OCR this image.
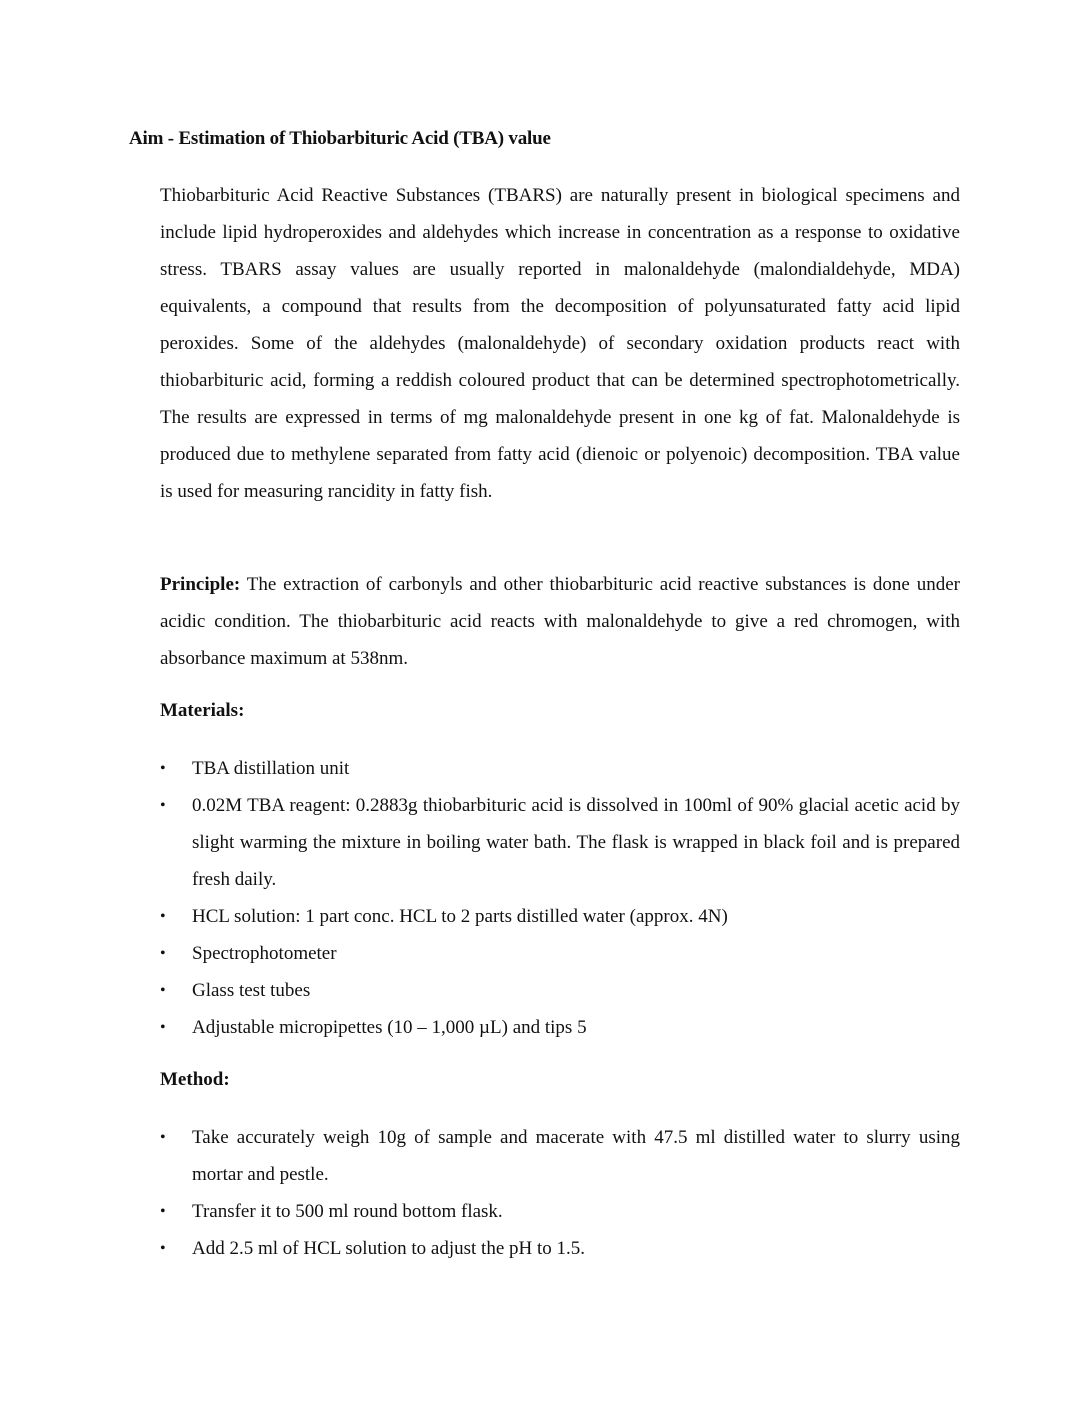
Aim - Estimation of Thiobarbituric Acid (TBA) value
Thiobarbituric Acid Reactive Substances (TBARS) are naturally present in biological specimens and include lipid hydroperoxides and aldehydes which increase in concentration as a response to oxidative stress. TBARS assay values are usually reported in malonaldehyde (malondialdehyde, MDA) equivalents, a compound that results from the decomposition of polyunsaturated fatty acid lipid peroxides. Some of the aldehydes (malonaldehyde) of secondary oxidation products react with thiobarbituric acid, forming a reddish coloured product that can be determined spectrophotometrically. The results are expressed in terms of mg malonaldehyde present in one kg of fat. Malonaldehyde is produced due to methylene separated from fatty acid (dienoic or polyenoic) decomposition. TBA value is used for measuring rancidity in fatty fish.
Principle: The extraction of carbonyls and other thiobarbituric acid reactive substances is done under acidic condition. The thiobarbituric acid reacts with malonaldehyde to give a red chromogen, with absorbance maximum at 538nm.
Materials:
• TBA distillation unit
• 0.02M TBA reagent: 0.2883g thiobarbituric acid is dissolved in 100ml of 90% glacial acetic acid by slight warming the mixture in boiling water bath. The flask is wrapped in black foil and is prepared fresh daily.
• HCL solution: 1 part conc. HCL to 2 parts distilled water (approx. 4N)
• Spectrophotometer
• Glass test tubes
• Adjustable micropipettes (10 – 1,000 µL) and tips 5
Method:
• Take accurately weigh 10g of sample and macerate with 47.5 ml distilled water to slurry using mortar and pestle.
• Transfer it to 500 ml round bottom flask.
• Add 2.5 ml of HCL solution to adjust the pH to 1.5.
